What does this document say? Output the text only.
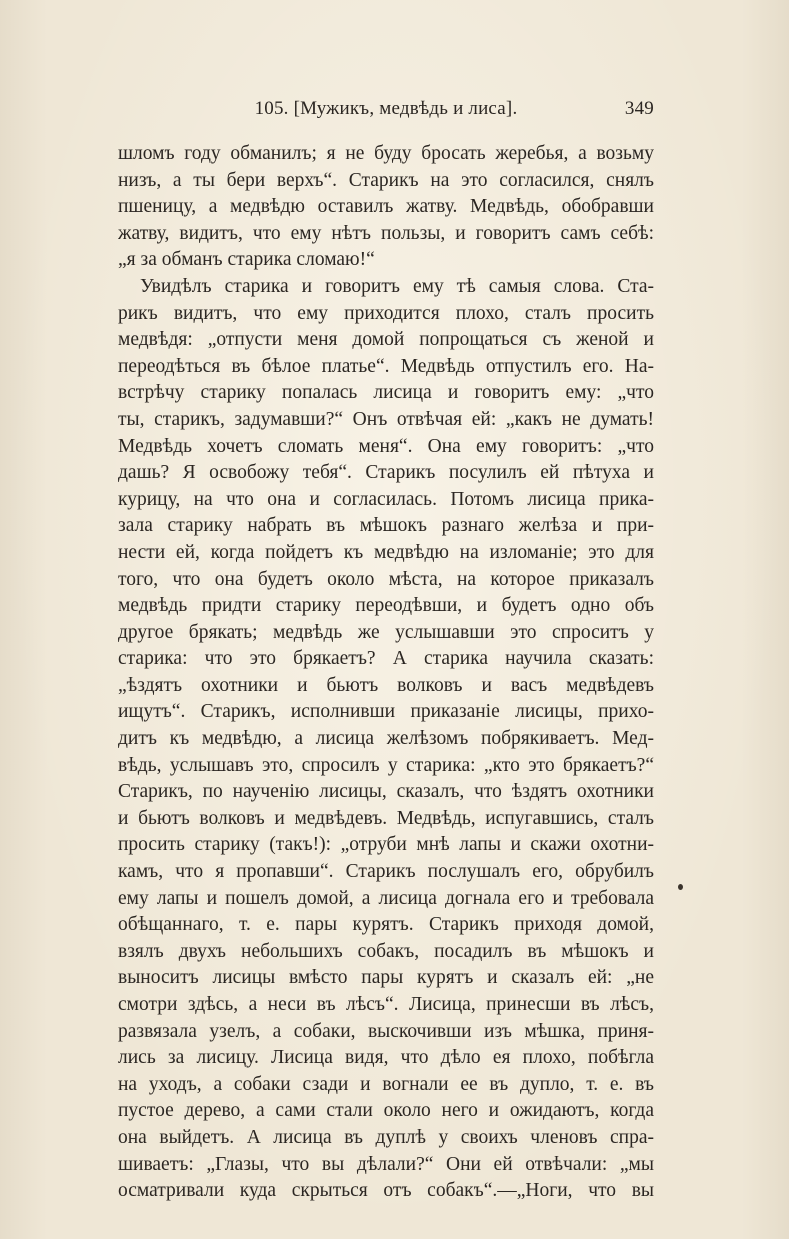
105. [Мужикъ, медвѣдь и лиса].	349
шломъ году обманилъ; я не буду бросать жеребья, а возьму
низъ, а ты бери верхъ“. Старикъ на это согласился, снялъ
пшеницу, а медвѣдю оставилъ жатву. Медвѣдь, обобравши
жатву, видитъ, что ему нѣтъ пользы, и говоритъ самъ себѣ:
„я за обманъ старика сломаю!“
Увидѣлъ старика и говоритъ ему тѣ самыя слова. Ста-
рикъ видитъ, что ему приходится плохо, сталъ просить
медвѣдя: „отпусти меня домой попрощаться съ женой и
переодѣться въ бѣлое платье“. Медвѣдь отпустилъ его. На-
встрѣчу старику попалась лисица и говоритъ ему: „что
ты, старикъ, задумавши?“ Онъ отвѣчая ей: „какъ не думать!
Медвѣдь хочетъ сломать меня“. Она ему говоритъ: „что
дашь? Я освобожу тебя“. Старикъ посулилъ ей пѣтуха и
курицу, на что она и согласилась. Потомъ лисица прика-
зала старику набрать въ мѣшокъ разнаго желѣза и при-
нести ей, когда пойдетъ къ медвѣдю на изломаніе; это для
того, что она будетъ около мѣста, на которое приказалъ
медвѣдь придти старику переодѣвши, и будетъ одно объ
другое брякать; медвѣдь же услышавши это спроситъ у
старика: что это брякаетъ? А старика научила сказать:
„ѣздятъ охотники и бьютъ волковъ и васъ медвѣдевъ
ищутъ“. Старикъ, исполнивши приказаніе лисицы, прихо-
дитъ къ медвѣдю, а лисица желѣзомъ побрякиваетъ. Мед-
вѣдь, услышавъ это, спросилъ у старика: „кто это брякаетъ?“
Старикъ, по наученію лисицы, сказалъ, что ѣздятъ охотники
и бьютъ волковъ и медвѣдевъ. Медвѣдь, испугавшись, сталъ
просить старику (такъ!): „отруби мнѣ лапы и скажи охотни-
камъ, что я пропавши“. Старикъ послушалъ его, обрубилъ
ему лапы и пошелъ домой, а лисица догнала его и требовала
обѣщаннаго, т. е. пары курятъ. Старикъ приходя домой,
взялъ двухъ небольшихъ собакъ, посадилъ въ мѣшокъ и
выноситъ лисицы вмѣсто пары курятъ и сказалъ ей: „не
смотри здѣсь, а неси въ лѣсъ“. Лисица, принесши въ лѣсъ,
развязала узелъ, а собаки, выскочивши изъ мѣшка, приня-
лись за лисицу. Лисица видя, что дѣло ея плохо, побѣгла
на уходъ, а собаки сзади и вогнали ее въ дупло, т. е. въ
пустое дерево, а сами стали около него и ожидаютъ, когда
она выйдетъ. А лисица въ дуплѣ у своихъ членовъ спра-
шиваетъ: „Глазы, что вы дѣлали?“ Они ей отвѣчали: „мы
осматривали куда скрыться отъ собакъ“.—„Ноги, что вы
